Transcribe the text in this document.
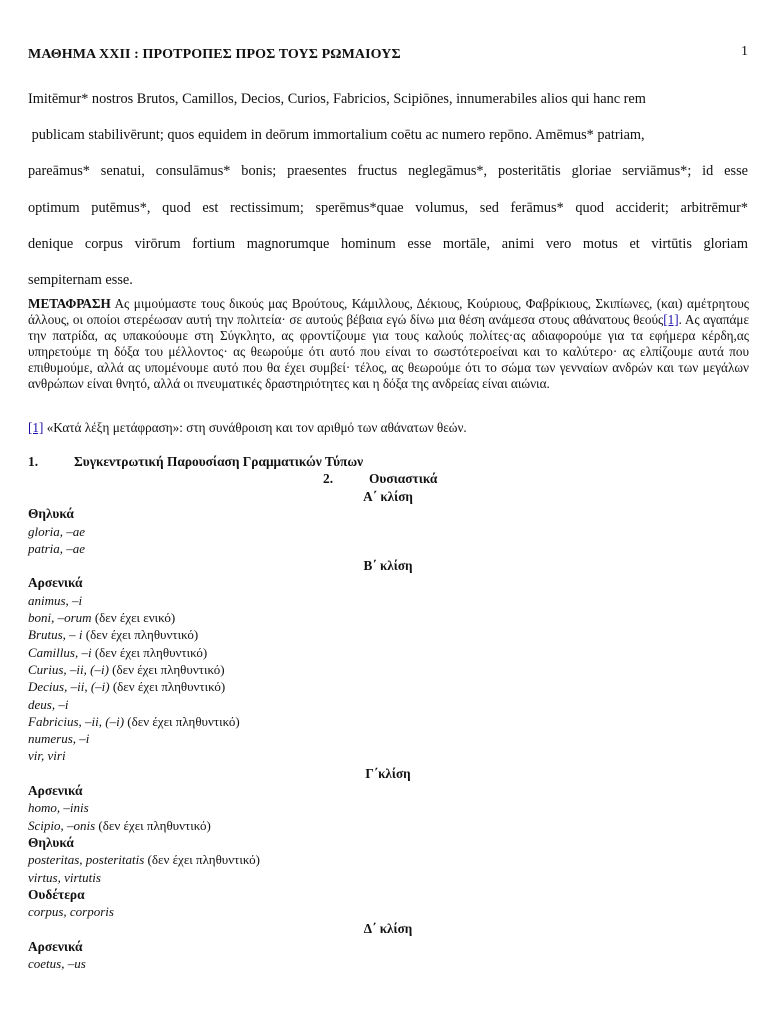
1
ΜΑΘΗΜΑ XXII : ΠΡΟΤΡΟΠΕΣ ΠΡΟΣ ΤΟΥΣ ΡΩΜΑΙΟΥΣ
Imitēmur* nostros Brutos, Camillos, Decios, Curios, Fabricios, Scipiōnes, innumerabiles alios qui hanc rem
publicam stabilivērunt; quos equidem in deōrum immortalium coētu ac numero repōno. Amēmus* patriam,
pareāmus* senatui, consulāmus* bonis; praesentes fructus neglegāmus*, posteritātis gloriae serviāmus*; id esse
optimum putēmus*, quod est rectissimum; sperēmus*quae volumus, sed ferāmus* quod acciderit; arbitrēmur*
denique corpus virōrum fortium magnorumque hominum esse mortāle, animi vero motus et virtūtis gloriam
sempiternam esse.
ΜΕΤΑΦΡΑΣΗ Ας μιμούμαστε τους δικούς μας Βρούτους, Κάμιλλους, Δέκιους, Κούριους, Φαβρίκιους, Σκιπίωνες, (και) αμέτρητους άλλους, οι οποίοι στερέωσαν αυτή την πολιτεία· σε αυτούς βέβαια εγώ δίνω μια θέση ανάμεσα στους αθάνατους θεούς[1]. Ας αγαπάμε την πατρίδα, ας υπακούουμε στη Σύγκλητο, ας φροντίζουμε για τους καλούς πολίτες·ας αδιαφορούμε για τα εφήμερα κέρδη,ας υπηρετούμε τη δόξα του μέλλοντος· ας θεωρούμε ότι αυτό που είναι το σωστότεροείναι και το καλύτερο· ας ελπίζουμε αυτά που επιθυμούμε, αλλά ας υπομένουμε αυτό που θα έχει συμβεί· τέλος, ας θεωρούμε ότι το σώμα των γενναίων ανδρών και των μεγάλων ανθρώπων είναι θνητό, αλλά οι πνευματικές δραστηριότητες και η δόξα της ανδρείας είναι αιώνια.
[1] «Κατά λέξη μετάφραση»: στη συνάθροιση και τον αριθμό των αθάνατων θεών.
1.	Συγκεντρωτική Παρουσίαση Γραμματικών Τύπων
2.	Ουσιαστικά
Α΄ κλίση
Θηλυκά
gloria, –ae
patria, –ae
Β΄ κλίση
Αρσενικά
animus, –i
boni, –orum (δεν έχει ενικό)
Brutus, – i (δεν έχει πληθυντικό)
Camillus, –i (δεν έχει πληθυντικό)
Curius, –ii, (–i) (δεν έχει πληθυντικό)
Decius, –ii, (–i) (δεν έχει πληθυντικό)
deus, –i
Fabricius, –ii, (–i) (δεν έχει πληθυντικό)
numerus, –i
vir, viri
Γ΄κλίση
Αρσενικά
homo, –inis
Scipio, –onis (δεν έχει πληθυντικό)
Θηλυκά
posteritas, posteritatis (δεν έχει πληθυντικό)
virtus, virtutis
Ουδέτερα
corpus, corporis
Δ΄ κλίση
Αρσενικά
coetus, –us
